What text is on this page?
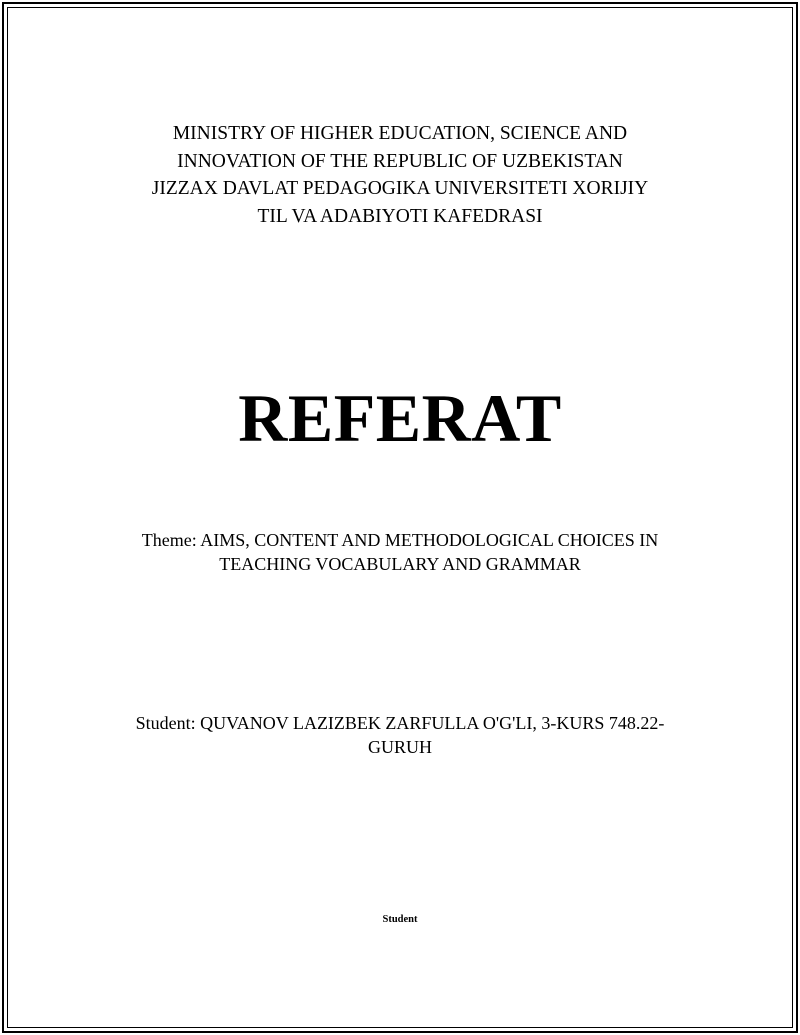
MINISTRY OF HIGHER EDUCATION, SCIENCE AND
INNOVATION OF THE REPUBLIC OF UZBEKISTAN
JIZZAX DAVLAT PEDAGOGIKA UNIVERSITETI XORIJIY
TIL VA ADABIYOTI KAFEDRASI
REFERAT
Theme: AIMS, CONTENT AND METHODOLOGICAL CHOICES IN
TEACHING VOCABULARY AND GRAMMAR
Student: QUVANOV LAZIZBEK ZARFULLA O'G'LI, 3-KURS 748.22-
GURUH
Student
